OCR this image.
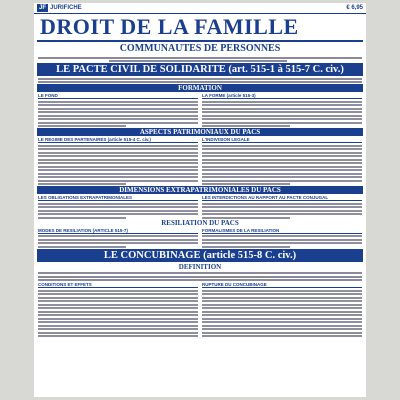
JF JURIFICHE	€ 6,95
DROIT DE LA FAMILLE
COMMUNAUTES DE PERSONNES
LE PACTE CIVIL DE SOLIDARITE (art. 515-1 à 515-7 C. civ.)
FORMATION
LE FOND	LA FORME (article 515-3)
ASPECTS PATRIMONIAUX DU PACS
LE REGIME DES PARTENAIRES (article 515-4 C. civ.)	L'INDIVISION LEGALE
DIMENSIONS EXTRAPATRIMONIALES DU PACS
LES OBLIGATIONS EXTRAPATRIMONIALES	LES INTERDICTIONS AU RAPPORT AU PACTE CONJUGAL
RESILIATION DU PACS
MODES DE RESILIATION (ARTICLE 515-7)	FORMALISMES DE LA RESILIATION
LE CONCUBINAGE (article 515-8 C. civ.)
DEFINITION
CONDITIONS ET EFFETS	RUPTURE DU CONCUBINAGE
